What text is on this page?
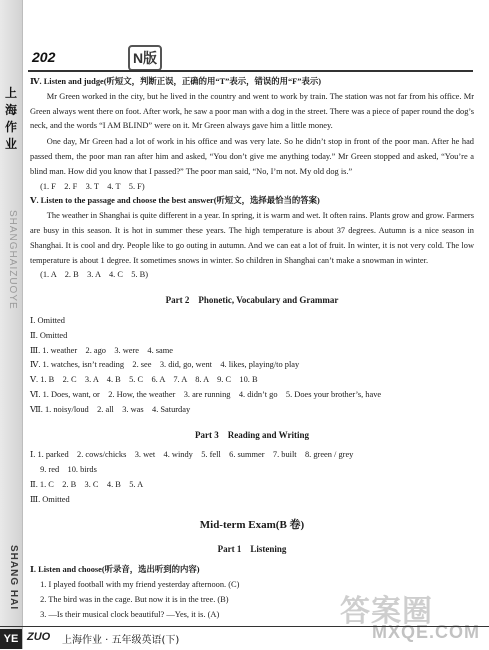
上海作业
SHANGHAIZUOYE
SHANG HAI
202	N版
Ⅳ. Listen and judge(听短文，判断正误，正确的用“T”表示，错误的用“F”表示)
Mr Green worked in the city, but he lived in the country and went to work by train. The station was not far from his office. Mr Green always went there on foot. After work, he saw a poor man with a dog in the street. There was a piece of paper round the dog’s neck, and the words “I AM BLIND” were on it. Mr Green always gave him a little money.
One day, Mr Green had a lot of work in his office and was very late. So he didn’t stop in front of the poor man. After he had passed them, the poor man ran after him and asked, “You don’t give me anything today.” Mr Green stopped and asked, “You’re a blind man. How did you know that I passed?” The poor man said, “No, I’m not. My old dog is.”
(1. F　2. F　3. T　4. T　5. F)
Ⅴ. Listen to the passage and choose the best answer(听短文，选择最恰当的答案)
The weather in Shanghai is quite different in a year. In spring, it is warm and wet. It often rains. Plants grow and grow. Farmers are busy in this season. It is hot in summer these years. The high temperature is about 37 degrees. Autumn is a nice season in Shanghai. It is cool and dry. People like to go outing in autumn. And we can eat a lot of fruit. In winter, it is not very cold. The low temperature is about 1 degree. It sometimes snows in winter. So children in Shanghai can’t make a snowman in winter.
(1. A　2. B　3. A　4. C　5. B)
Part 2　Phonetic, Vocabulary and Grammar
Ⅰ. Omitted
Ⅱ. Omitted
Ⅲ. 1. weather　2. ago　3. were　4. same
Ⅳ. 1. watches, isn’t reading　2. see　3. did, go, went　4. likes, playing/to play
Ⅴ. 1. B　2. C　3. A　4. B　5. C　6. A　7. A　8. A　9. C　10. B
Ⅵ. 1. Does, want, or　2. How, the weather　3. are running　4. didn’t go　5. Does your brother’s, have
Ⅶ. 1. noisy/loud　2. all　3. was　4. Saturday
Part 3　Reading and Writing
Ⅰ. 1. parked　2. cows/chicks　3. wet　4. windy　5. fell　6. summer　7. built　8. green / grey
9. red　10. birds
Ⅱ. 1. C　2. B　3. C　4. B　5. A
Ⅲ. Omitted
Mid-term Exam(B 卷)
Part 1　Listening
Ⅰ. Listen and choose(听录音，选出听到的内容)
1. I played football with my friend yesterday afternoon. (C)
2. The bird was in the cage. But now it is in the tree. (B)
3. —Is their musical clock beautiful? —Yes, it is. (A)	答案圈
MXQE.COM
YE ZUO 上海作业 · 五年级英语(下)
